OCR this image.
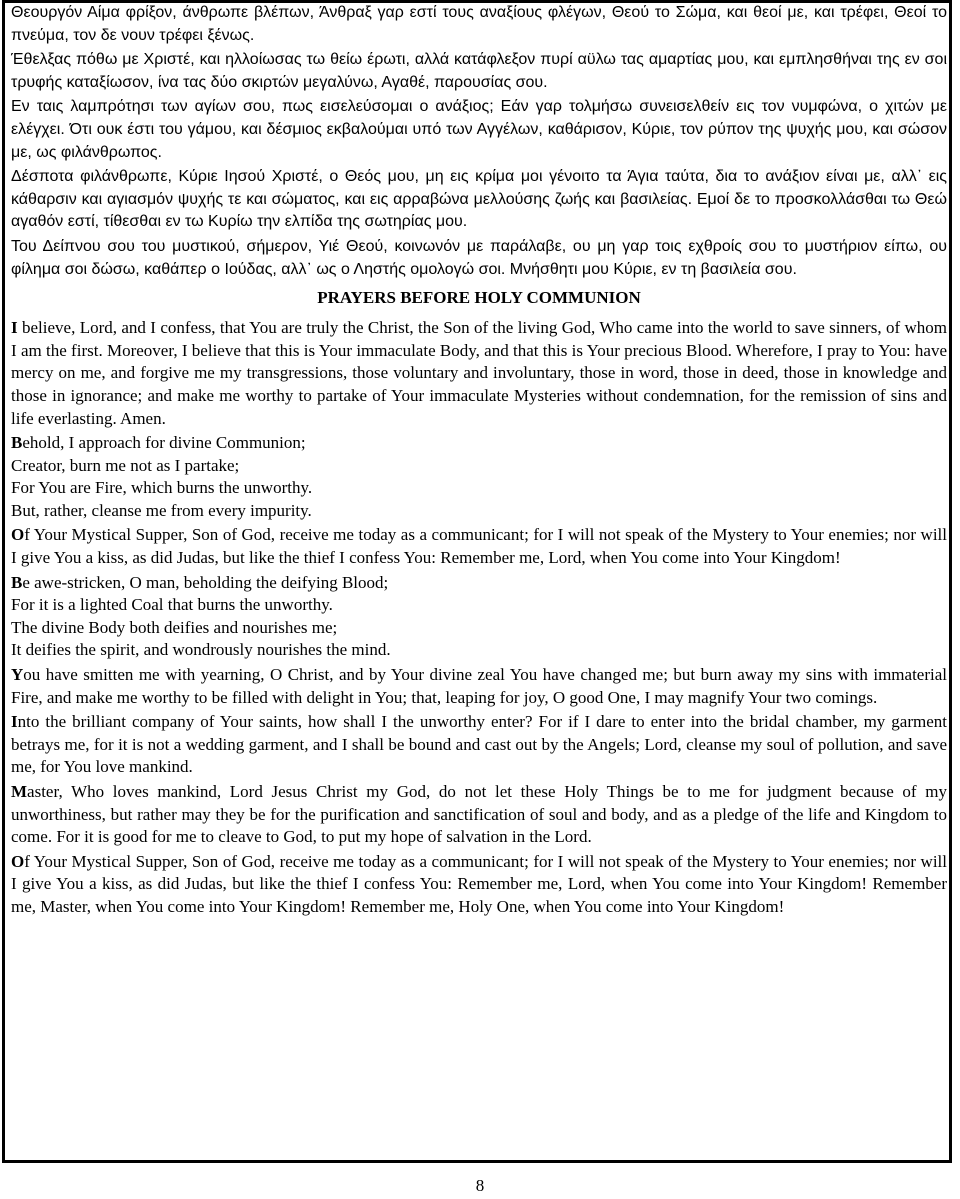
Θεουργόν Αίμα φρίξον, άνθρωπε βλέπων, Άνθραξ γαρ εστί τους αναξίους φλέγων, Θεού το Σώμα, και θεοί με, και τρέφει, Θεοί το πνεύμα, τον δε νουν τρέφει ξένως.

Έθελξας πόθω με Χριστέ, και ηλλοίωσας τω θείω έρωτι, αλλά κατάφλεξον πυρί αϋλω τας αμαρτίας μου, και εμπλησθήναι της εν σοι τρυφής καταξίωσον, ίνα τας δύο σκιρτών μεγαλύνω, Αγαθέ, παρουσίας σου.

Εν ταις λαμπρότησι των αγίων σου, πως εισελεύσομαι ο ανάξιος; Εάν γαρ τολμήσω συνεισελθείν εις τον νυμφώνα, ο χιτών με ελέγχει. Ότι ουκ έστι του γάμου, και δέσμιος εκβαλούμαι υπό των Αγγέλων, καθάρισον, Κύριε, τον ρύπον της ψυχής μου, και σώσον με, ως φιλάνθρωπος.

Δέσποτα φιλάνθρωπε, Κύριε Ιησού Χριστέ, ο Θεός μου, μη εις κρίμα μοι γένοιτο τα Άγια ταύτα, δια το ανάξιον είναι με, αλλ᾽ εις κάθαρσιν και αγιασμόν ψυχής τε και σώματος, και εις αρραβώνα μελλούσης ζωής και βασιλείας. Εμοί δε το προσκολλάσθαι τω Θεώ αγαθόν εστί, τίθεσθαι εν τω Κυρίω την ελπίδα της σωτηρίας μου.

Του Δείπνου σου του μυστικού, σήμερον, Υιέ Θεού, κοινωνόν με παράλαβε, ου μη γαρ τοις εχθροίς σου το μυστήριον είπω, ου φίλημα σοι δώσω, καθάπερ ο Ιούδας, αλλ᾽ ως ο Ληστής ομολογώ σοι. Μνήσθητι μου Κύριε, εν τη βασιλεία σου.

PRAYERS BEFORE HOLY COMMUNION

I believe, Lord, and I confess, that You are truly the Christ, the Son of the living God, Who came into the world to save sinners, of whom I am the first. Moreover, I believe that this is Your immaculate Body, and that this is Your precious Blood. Wherefore, I pray to You: have mercy on me, and forgive me my transgressions, those voluntary and involuntary, those in word, those in deed, those in knowledge and those in ignorance; and make me worthy to partake of Your immaculate Mysteries without condemnation, for the remission of sins and life everlasting. Amen.

Behold, I approach for divine Communion;

Creator, burn me not as I partake;

For You are Fire, which burns the unworthy.

But, rather, cleanse me from every impurity.

Of Your Mystical Supper, Son of God, receive me today as a communicant; for I will not speak of the Mystery to Your enemies; nor will I give You a kiss, as did Judas, but like the thief I confess You: Remember me, Lord, when You come into Your Kingdom!

Be awe-stricken, O man, beholding the deifying Blood;

For it is a lighted Coal that burns the unworthy.

The divine Body both deifies and nourishes me;

It deifies the spirit, and wondrously nourishes the mind.

You have smitten me with yearning, O Christ, and by Your divine zeal You have changed me; but burn away my sins with immaterial Fire, and make me worthy to be filled with delight in You; that, leaping for joy, O good One, I may magnify Your two comings.

Into the brilliant company of Your saints, how shall I the unworthy enter? For if I dare to enter into the bridal chamber, my garment betrays me, for it is not a wedding garment, and I shall be bound and cast out by the Angels; Lord, cleanse my soul of pollution, and save me, for You love mankind.

Master, Who loves mankind, Lord Jesus Christ my God, do not let these Holy Things be to me for judgment because of my unworthiness, but rather may they be for the purification and sanctification of soul and body, and as a pledge of the life and Kingdom to come. For it is good for me to cleave to God, to put my hope of salvation in the Lord.

Of Your Mystical Supper, Son of God, receive me today as a communicant; for I will not speak of the Mystery to Your enemies; nor will I give You a kiss, as did Judas, but like the thief I confess You: Remember me, Lord, when You come into Your Kingdom! Remember me, Master, when You come into Your Kingdom! Remember me, Holy One, when You come into Your Kingdom!

8
